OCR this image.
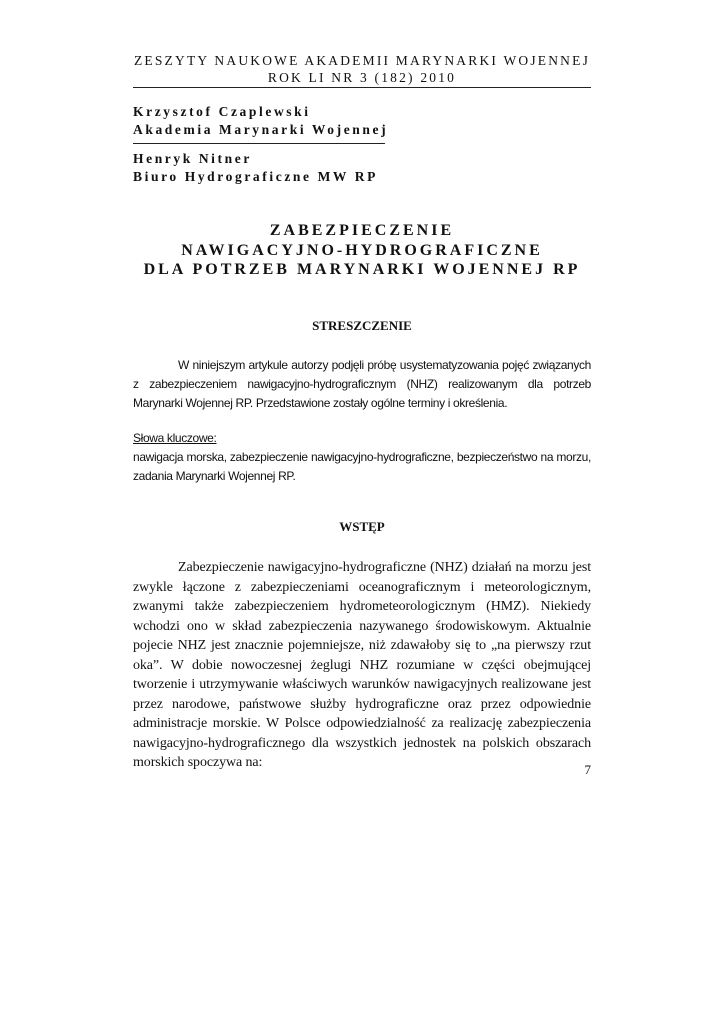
ZESZYTY NAUKOWE AKADEMII MARYNARKI WOJENNEJ
ROK LI NR 3 (182) 2010
Krzysztof Czaplewski
Akademia Marynarki Wojennej
Henryk Nitner
Biuro Hydrograficzne MW RP
ZABEZPIECZENIE
NAWIGACYJNO-HYDROGRAFICZNE
DLA POTRZEB MARYNARKI WOJENNEJ RP
STRESZCZENIE
W niniejszym artykule autorzy podjęli próbę usystematyzowania pojęć związanych z zabezpieczeniem nawigacyjno-hydrograficznym (NHZ) realizowanym dla potrzeb Marynarki Wojennej RP. Przedstawione zostały ogólne terminy i określenia.
Słowa kluczowe:
nawigacja morska, zabezpieczenie nawigacyjno-hydrograficzne, bezpieczeństwo na morzu, zadania Marynarki Wojennej RP.
WSTĘP
Zabezpieczenie nawigacyjno-hydrograficzne (NHZ) działań na morzu jest zwykle łączone z zabezpieczeniami oceanograficznym i meteorologicznym, zwanymi także zabezpieczeniem hydrometeorologicznym (HMZ). Niekiedy wchodzi ono w skład zabezpieczenia nazywanego środowiskowym. Aktualnie pojecie NHZ jest znacznie pojemniejsze, niż zdawałoby się to „na pierwszy rzut oka”. W dobie nowoczesnej żeglugi NHZ rozumiane w części obejmującej tworzenie i utrzymywanie właściwych warunków nawigacyjnych realizowane jest przez narodowe, państwowe służby hydrograficzne oraz przez odpowiednie administracje morskie. W Polsce odpowiedzialność za realizację zabezpieczenia nawigacyjno-hydrograficznego dla wszystkich jednostek na polskich obszarach morskich spoczywa na:	7
